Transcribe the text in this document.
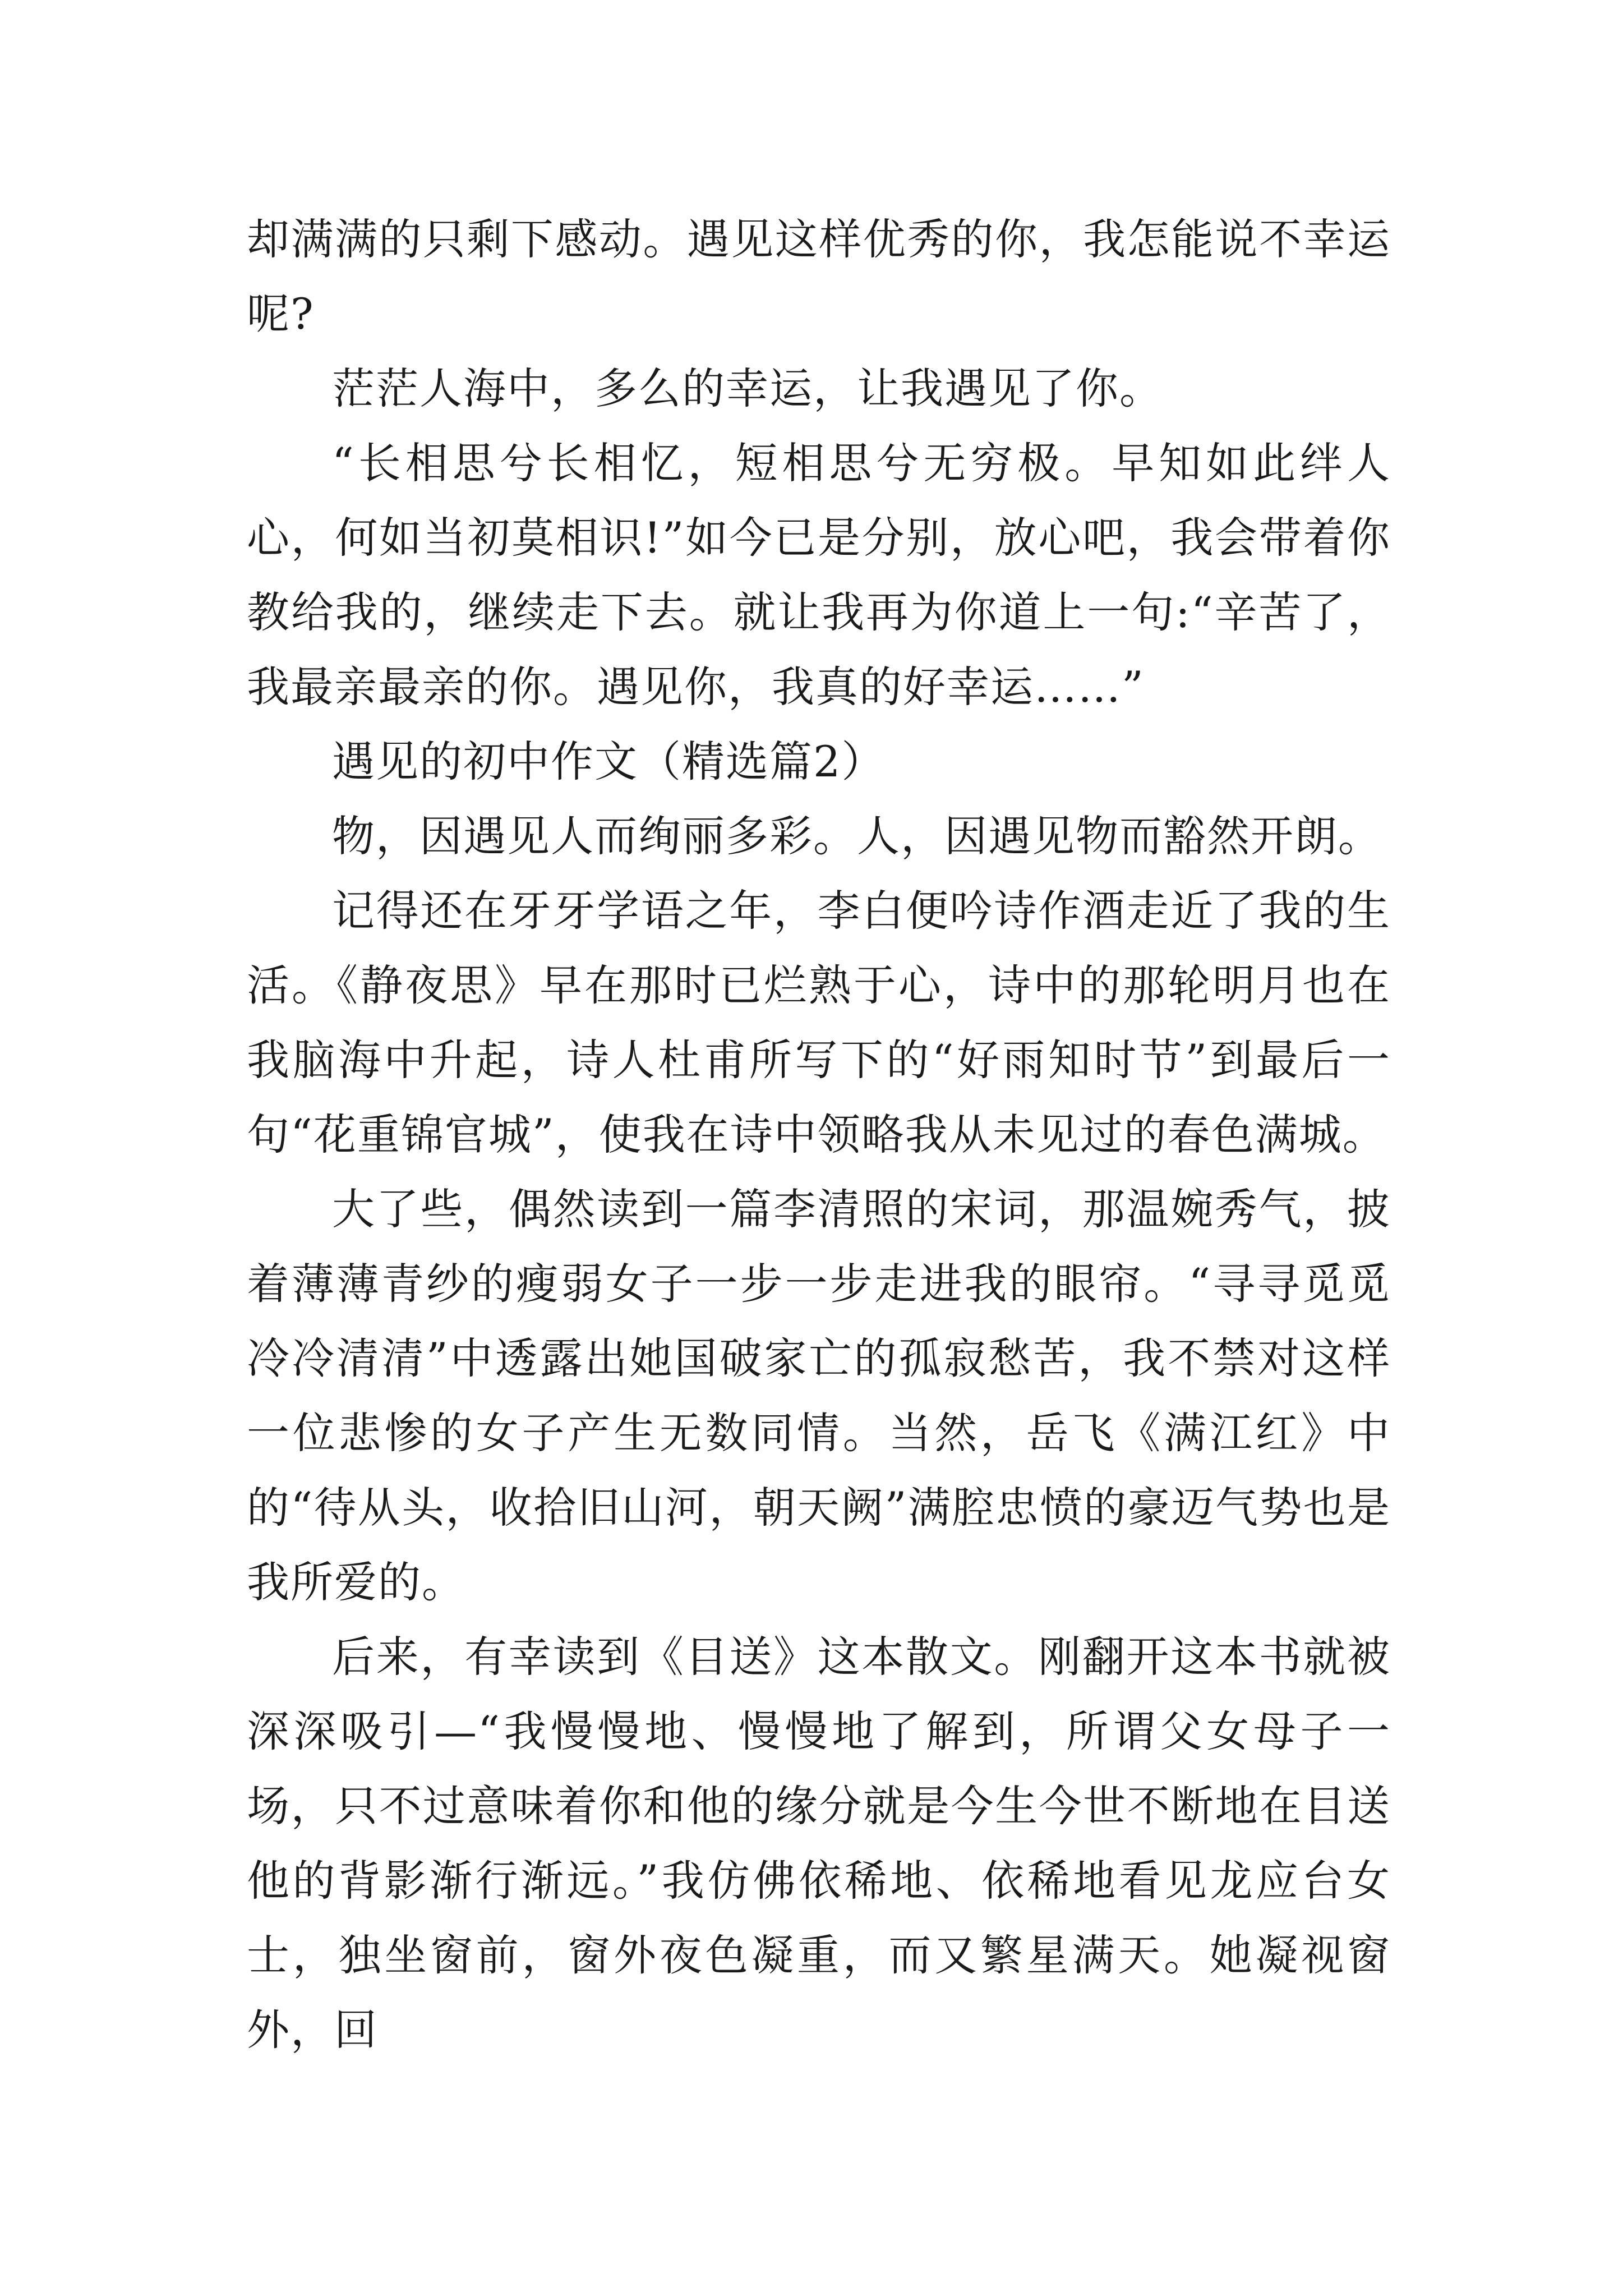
却满满的只剩下感动。遇见这样优秀的你，我怎能说不幸运呢?

茫茫人海中，多么的幸运，让我遇见了你。

“长相思兮长相忆，短相思兮无穷极。早知如此绊人心，何如当初莫相识!”如今已是分别，放心吧，我会带着你教给我的，继续走下去。就让我再为你道上一句:“辛苦了，我最亲最亲的你。遇见你，我真的好幸运……”

遇见的初中作文（精选篇2）

物，因遇见人而绚丽多彩。人，因遇见物而豁然开朗。

记得还在牙牙学语之年，李白便吟诗作酒走近了我的生活。《静夜思》早在那时已烂熟于心，诗中的那轮明月也在我脑海中升起，诗人杜甫所写下的“好雨知时节”到最后一句“花重锦官城”，使我在诗中领略我从未见过的春色满城。

大了些，偶然读到一篇李清照的宋词，那温婉秀气，披着薄薄青纱的瘦弱女子一步一步走进我的眼帘。“寻寻觅觅冷冷清清”中透露出她国破家亡的孤寂愁苦，我不禁对这样一位悲惨的女子产生无数同情。当然，岳飞《满江红》中的“待从头，收拾旧山河，朝天阙”满腔忠愤的豪迈气势也是我所爱的。

后来，有幸读到《目送》这本散文。刚翻开这本书就被深深吸引—“我慢慢地、慢慢地了解到，所谓父女母子一场，只不过意味着你和他的缘分就是今生今世不断地在目送他的背影渐行渐远。”我仿佛依稀地、依稀地看见龙应台女士，独坐窗前，窗外夜色凝重，而又繁星满天。她凝视窗外，回
